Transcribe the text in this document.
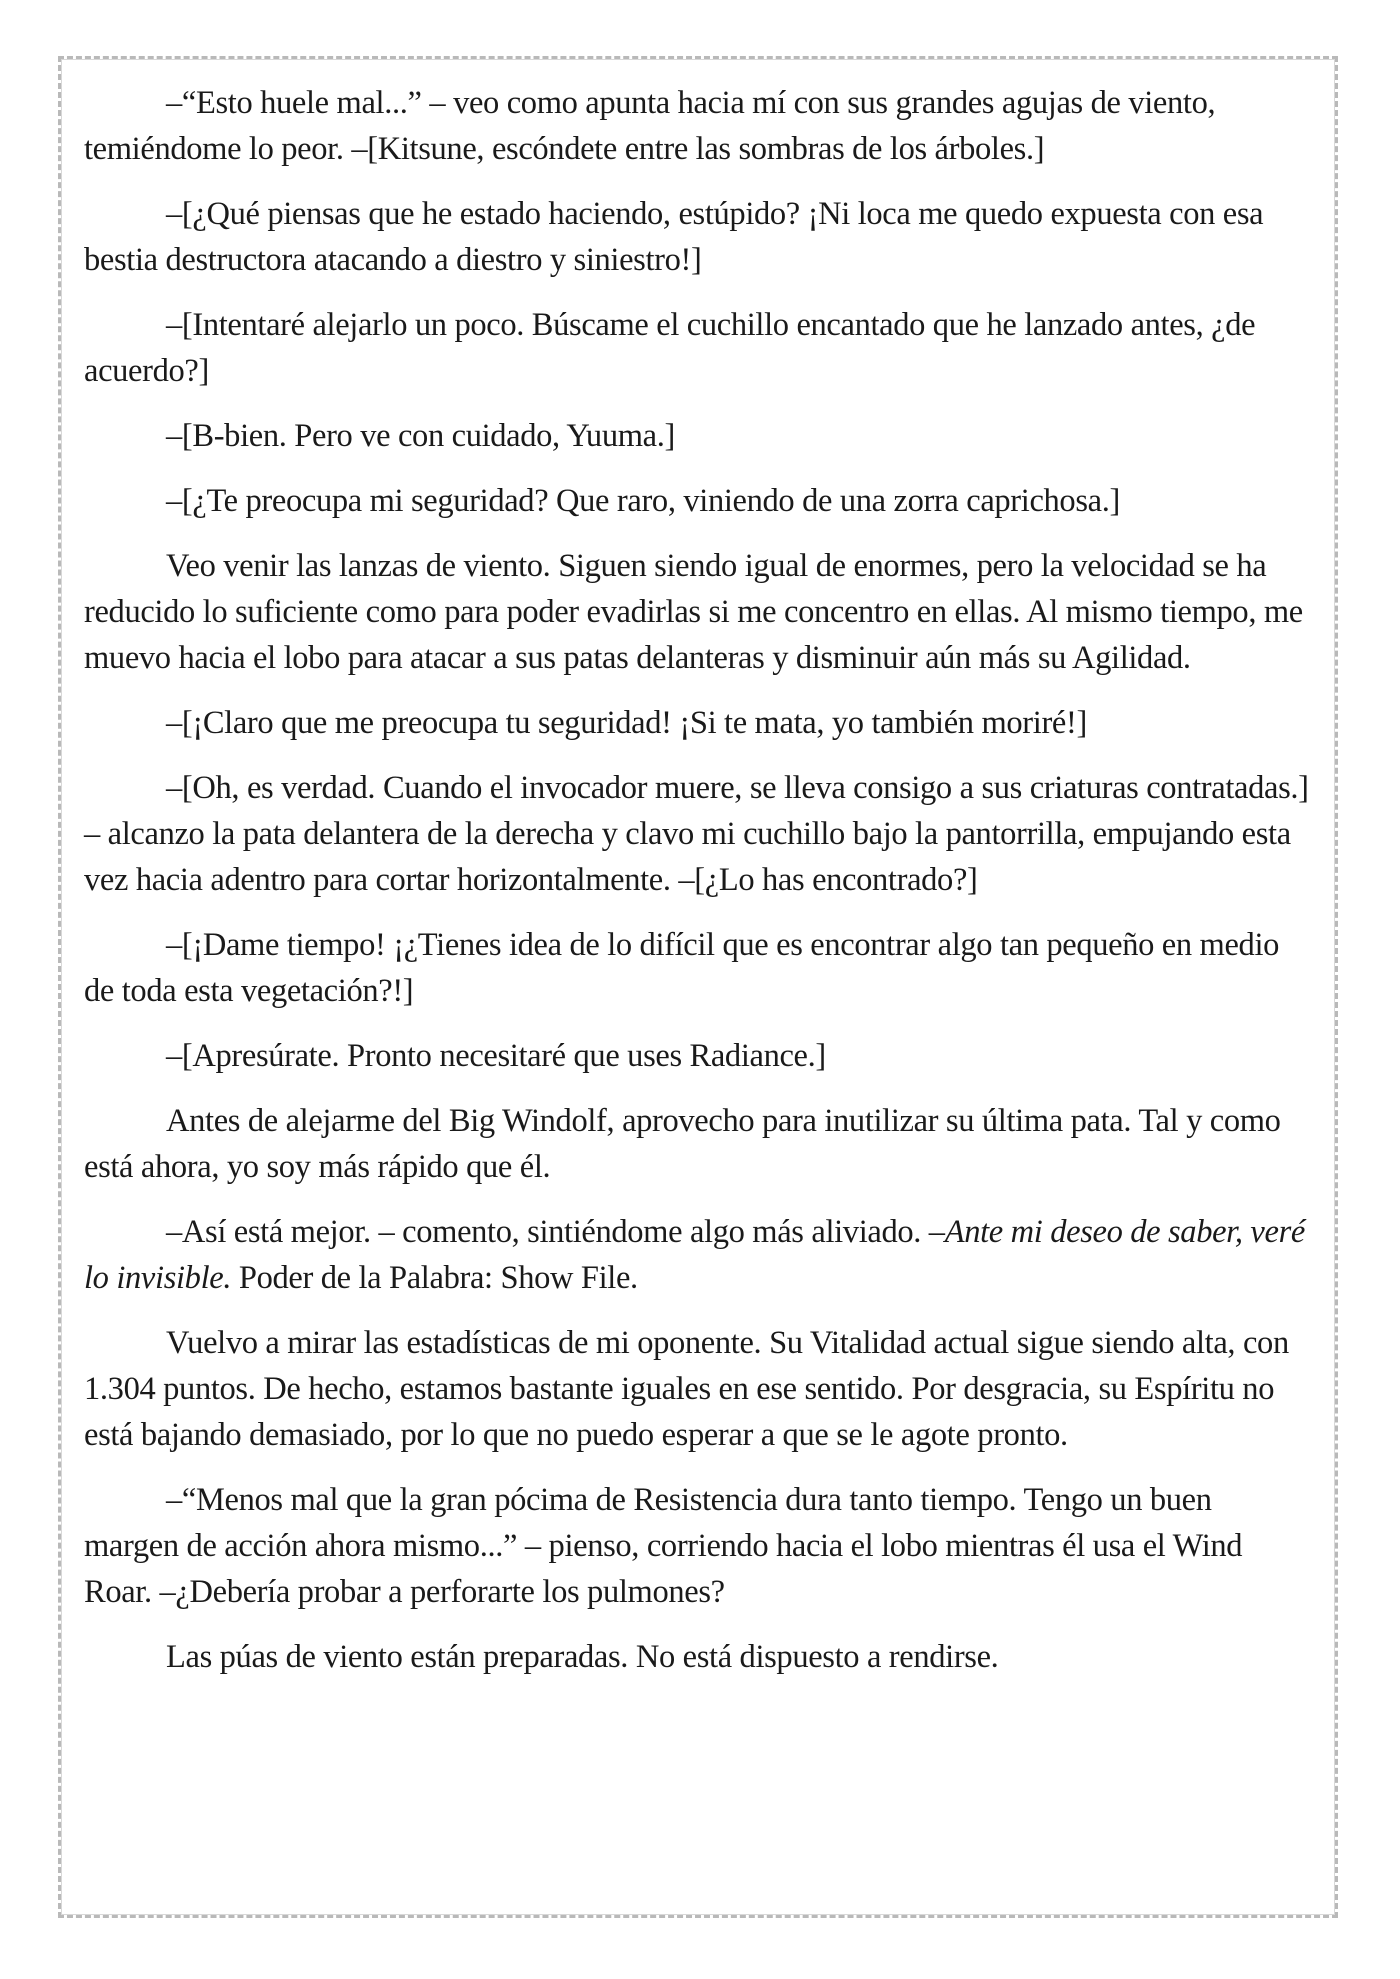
–“Esto huele mal...” – veo como apunta hacia mí con sus grandes agujas de viento, temiéndome lo peor. –[Kitsune, escóndete entre las sombras de los árboles.]

–[¿Qué piensas que he estado haciendo, estúpido? ¡Ni loca me quedo expuesta con esa bestia destructora atacando a diestro y siniestro!]

–[Intentaré alejarlo un poco. Búscame el cuchillo encantado que he lanzado antes, ¿de acuerdo?]

–[B-bien. Pero ve con cuidado, Yuuma.]

–[¿Te preocupa mi seguridad? Que raro, viniendo de una zorra caprichosa.]

Veo venir las lanzas de viento. Siguen siendo igual de enormes, pero la velocidad se ha reducido lo suficiente como para poder evadirlas si me concentro en ellas. Al mismo tiempo, me muevo hacia el lobo para atacar a sus patas delanteras y disminuir aún más su Agilidad.

–[¡Claro que me preocupa tu seguridad! ¡Si te mata, yo también moriré!]

–[Oh, es verdad. Cuando el invocador muere, se lleva consigo a sus criaturas contratadas.] – alcanzo la pata delantera de la derecha y clavo mi cuchillo bajo la pantorrilla, empujando esta vez hacia adentro para cortar horizontalmente. –[¿Lo has encontrado?]

–[¡Dame tiempo! ¡¿Tienes idea de lo difícil que es encontrar algo tan pequeño en medio de toda esta vegetación?!]

–[Apresúrate. Pronto necesitaré que uses Radiance.]

Antes de alejarme del Big Windolf, aprovecho para inutilizar su última pata. Tal y como está ahora, yo soy más rápido que él.

–Así está mejor. – comento, sintiéndome algo más aliviado. –Ante mi deseo de saber, veré lo invisible. Poder de la Palabra: Show File.

Vuelvo a mirar las estadísticas de mi oponente. Su Vitalidad actual sigue siendo alta, con 1.304 puntos. De hecho, estamos bastante iguales en ese sentido. Por desgracia, su Espíritu no está bajando demasiado, por lo que no puedo esperar a que se le agote pronto.

–“Menos mal que la gran pócima de Resistencia dura tanto tiempo. Tengo un buen margen de acción ahora mismo...” – pienso, corriendo hacia el lobo mientras él usa el Wind Roar. –¿Debería probar a perforarte los pulmones?

Las púas de viento están preparadas. No está dispuesto a rendirse.
